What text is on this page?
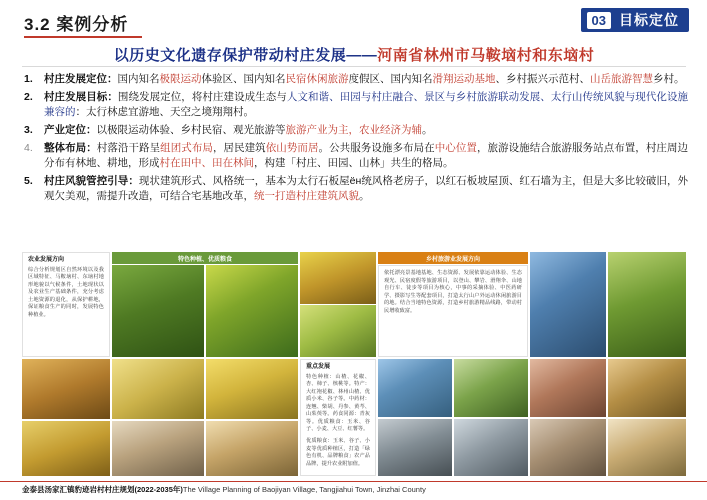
3.2 案例分析	03 目标定位
以历史文化遗存保护带动村庄发展——河南省林州市马鞍垴村和东垴村
1. 村庄发展定位：国内知名极限运动体验区、国内知名民宿休闲旅游度假区、国内知名滑翔运动基地、乡村振兴示范村、山岳旅游智慧乡村。
2. 村庄发展目标：围绕发展定位，将村庄建设成生态与人文和谐、田园与村庄融合、景区与乡村旅游联动发展、太行山传统风貌与现代化设施兼容的：太行林虑宜游地、天空之境翔翔村。
3. 产业定位：以极限运动体验、乡村民宿、观光旅游等旅游产业为主，农业经济为辅。
4. 整体布局：村落沿干路呈组团式布局，居民建筑依山势而居。公共服务设施多布局在中心位置，旅游设施结合旅游服务站点布置，村庄周边分布有林地、耕地，形成村在田中、田在林间，构建「村庄、田园、山林」共生的格局。
5. 村庄风貌管控引导：现状建筑形式、风格统一，基本为太行石板屋ён统风格老房子，以红石板坡屋顶、红石墙为主，但是大多比较破旧，外观欠美观，需提升改造，可结合宅基地改革，统一打造村庄建筑风貌。
农业发展方向
综合分析规划区自然环境以及我区域特征、马鞍垴村、东垴村地形地貌以气候条件，土地现状以及农业生产基础条件，充分考虑土地资源的退化，从保护耕地，保证粮食生产的同时，发展特色种植业。
特色种植、优质粮食	乡村旅游业发展方向
依托漂亮景基地基地、生态资源、发展依靠运动体验、生态观光、民宿度假等旅游项目，以登山、攀岩、滑翔伞、山地自行车、徒步等项目为核心，中事的采摘体验、中医药研学、摄影写生等配套项目，打造太行山户外运动休闲旅游目的地。结合当地特色资源，打造乡村旅游精品线路，带动村民增收致富。
重点发展
特色种植：山楂、花椒、杏、柿子、核桃等。特产：大红袍花椒、林州山楂、优质小米、谷子等。中药材：连翘、柴胡、丹参、黄芩、山茱萸等。药食同源：青灰等。优质粮食：玉米、谷子、小麦、大豆、红薯等。
优质粮食：玉米、谷子、小麦等优质种植区，打造「绿色有机、品牌粮食」农产品品牌，提升农业附加值。
金泰县汤家汇镇豹迹岩村村庄规划(2022-2035年)The Village Planning of Baojiyan Village, Tangjiahui Town, Jinzhai County
